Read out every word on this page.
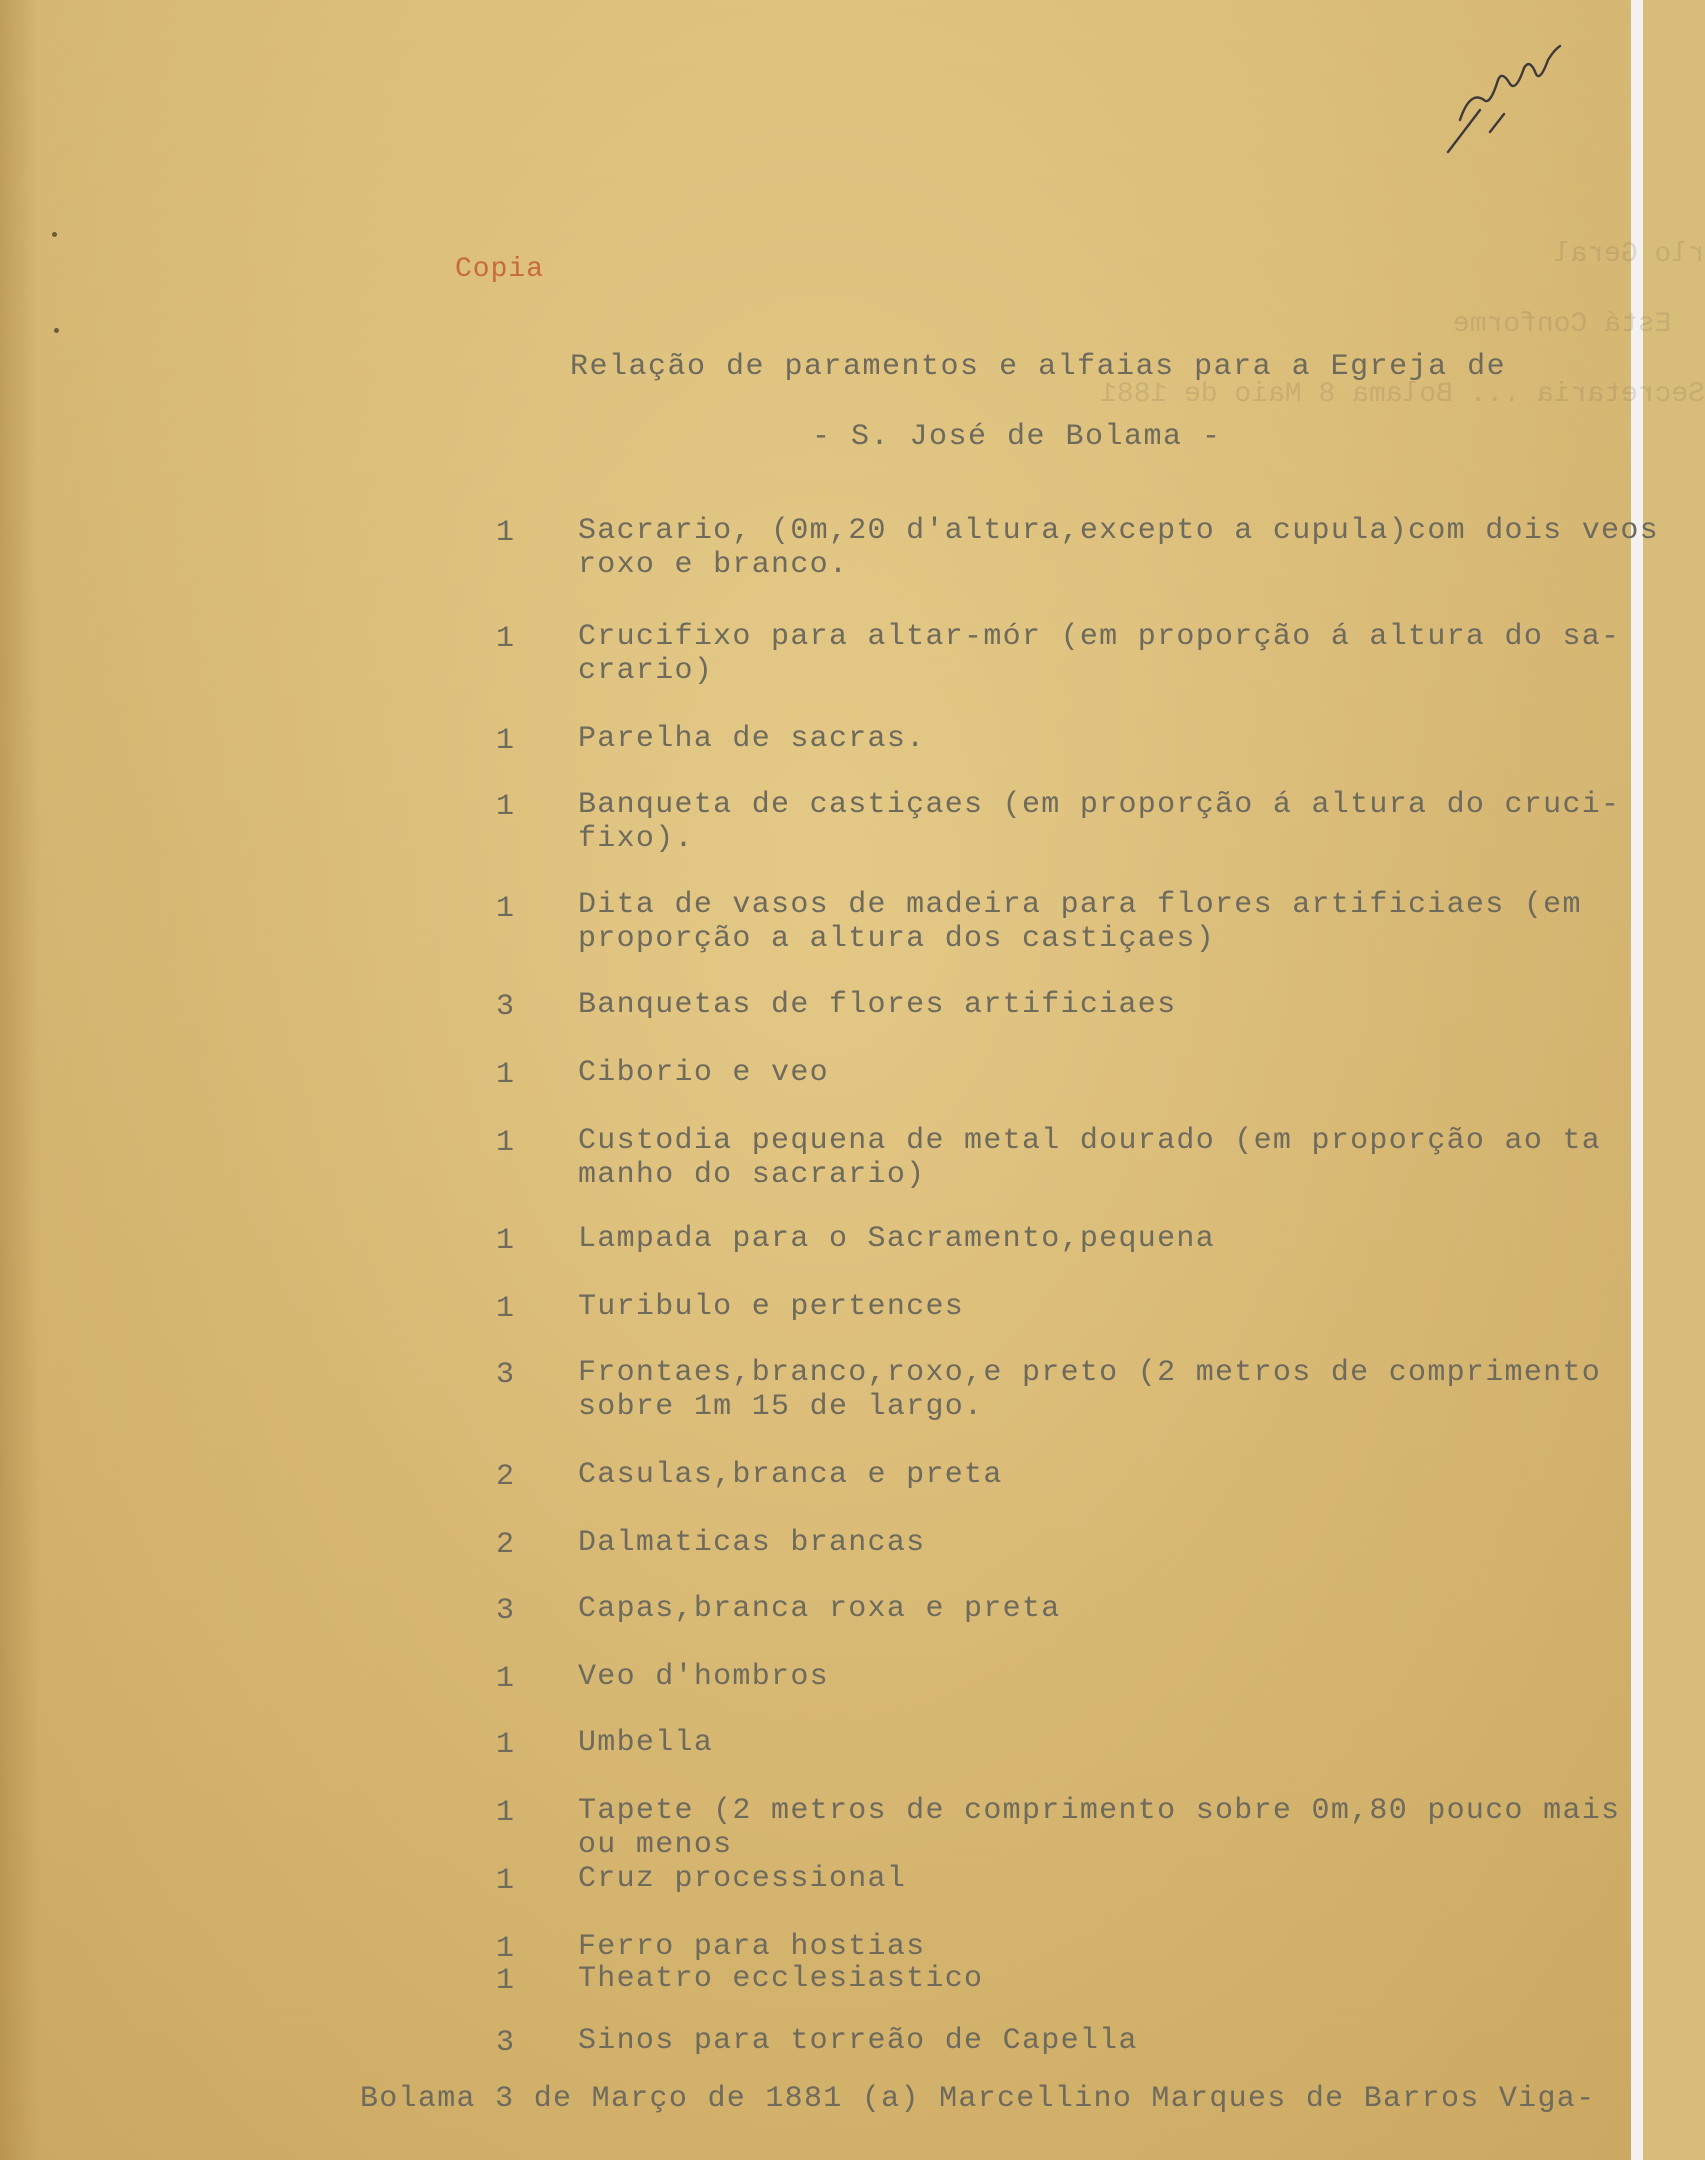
rlo Geral
Está Conforme
Secretaria ... Bolama 8 Maio de 1881
Copia
Relação de paramentos e alfaias para a Egreja de
- S. José de Bolama -
1 Sacrario, (0m,20 d'altura,excepto a cupula)com dois veos
roxo e branco.
1 Crucifixo para altar-mór (em proporção á altura do sa-
crario)
1 Parelha de sacras.
1 Banqueta de castiçaes (em proporção á altura do cruci-
fixo).
1 Dita de vasos de madeira para flores artificiaes (em
proporção a altura dos castiçaes)
3 Banquetas de flores artificiaes
1 Ciborio e veo
1 Custodia pequena de metal dourado (em proporção ao ta
manho do sacrario)
1 Lampada para o Sacramento,pequena
1 Turibulo e pertences
3 Frontaes,branco,roxo,e preto (2 metros de comprimento
sobre 1m 15 de largo.
2 Casulas,branca e preta
2 Dalmaticas brancas
3 Capas,branca roxa e preta
1 Veo d'hombros
1 Umbella
1 Tapete (2 metros de comprimento sobre 0m,80 pouco mais
ou menos
1 Cruz processional
1 Ferro para hostias
1 Theatro ecclesiastico
3 Sinos para torreão de Capella
Bolama 3 de Março de 1881 (a) Marcellino Marques de Barros Viga-
